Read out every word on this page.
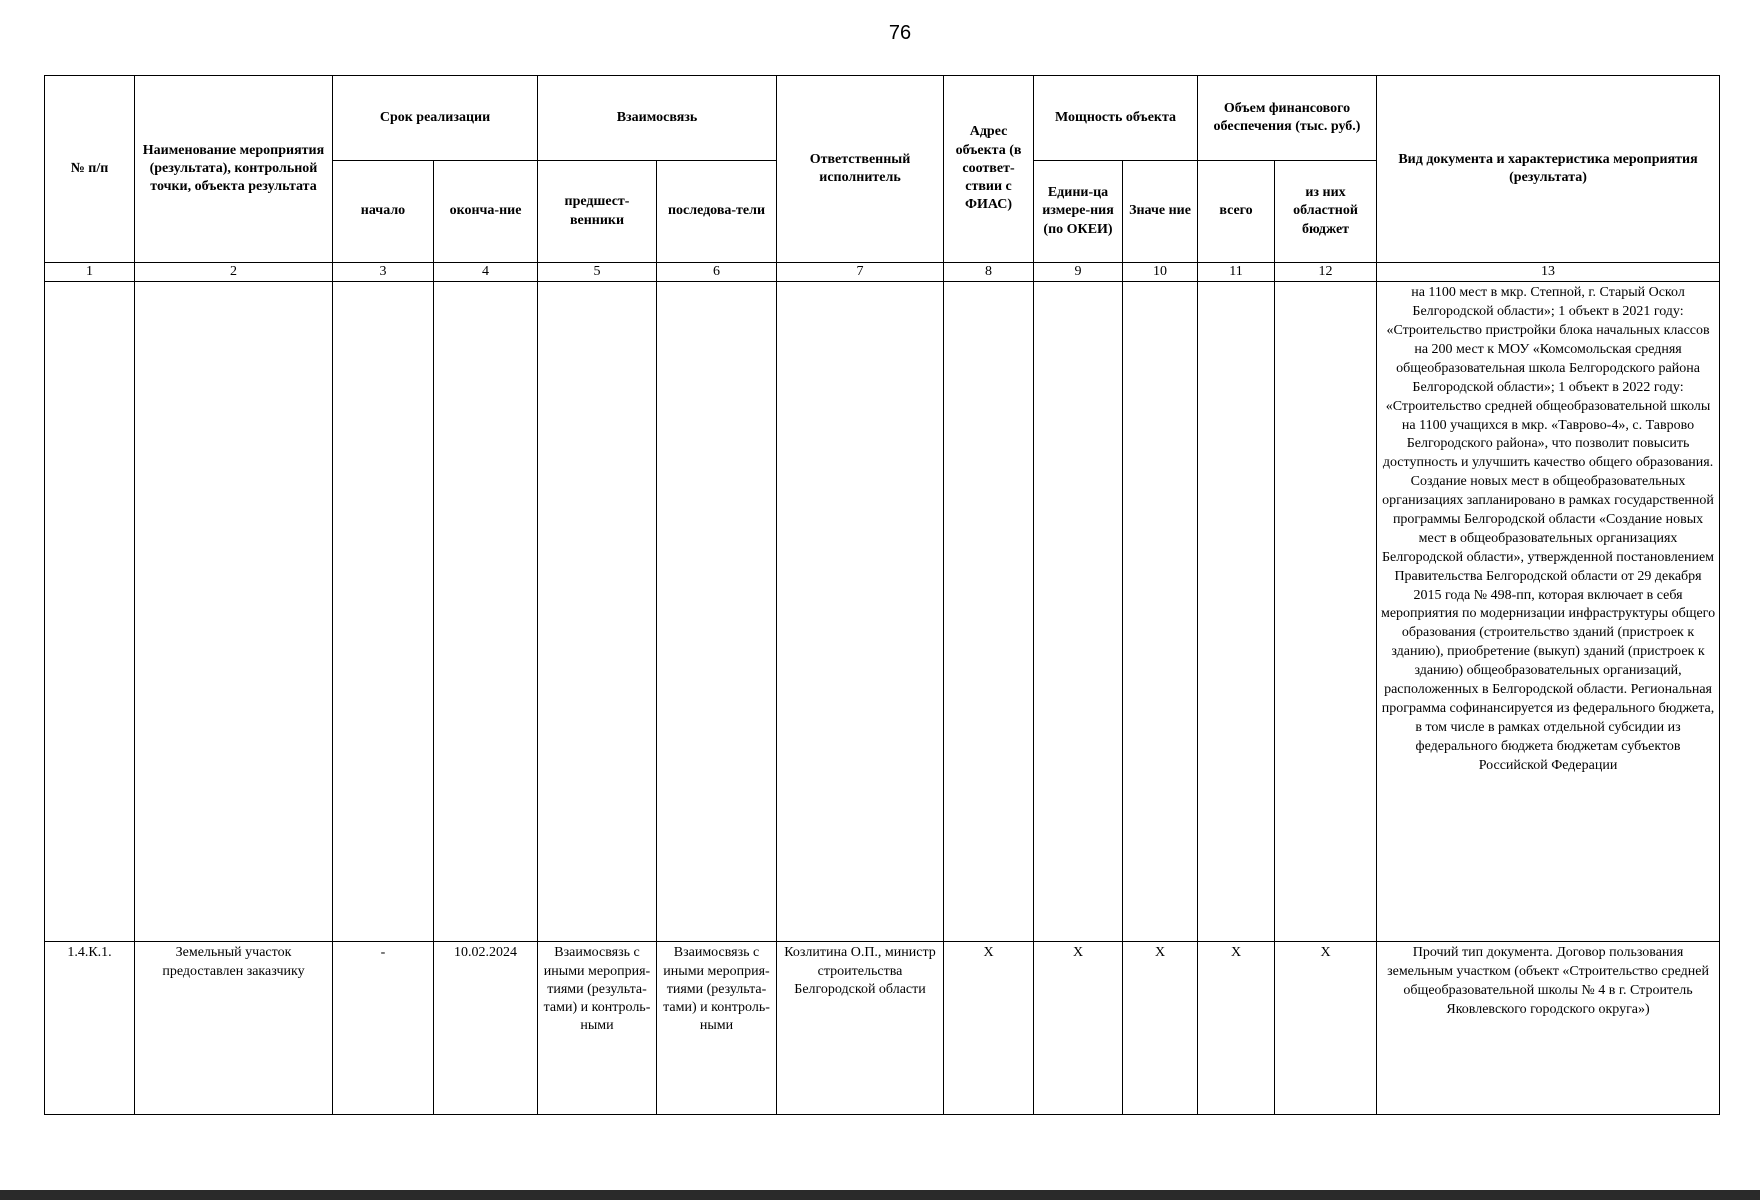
76
№ п/п	Наименование мероприятия (результата), контрольной точки, объекта результата	Срок реализации		Взаимосвязь		Ответственный исполнитель	Адрес объекта (в соответ-ствии с ФИАС)	Мощность объекта		Объем финансового обеспечения (тыс. руб.)		Вид документа и характеристика мероприятия (результата)
		начало	оконча-ние	предшест-венники	последова-тели			Едини-ца измере-ния (по ОКЕИ)	Значе ние	всего	из них областной бюджет	
1	2	3	4	5	6	7	8	9	10	11	12	13
												на 1100 мест в мкр. Степной, г. Старый Оскол Белгородской области»; 1 объект в 2021 году: «Строительство пристройки блока начальных классов на 200 мест к МОУ «Комсомольская средняя общеобразовательная школа Белгородского района Белгородской области»; 1 объект в 2022 году: «Строительство средней общеобразовательной школы на 1100 учащихся в мкр. «Таврово-4», с. Таврово Белгородского района», что позволит повысить доступность и улучшить качество общего образования. Создание новых мест в общеобразовательных организациях запланировано в рамках государственной программы Белгородской области «Создание новых мест в общеобразовательных организациях Белгородской области», утвержденной постановлением Правительства Белгородской области от 29 декабря 2015 года № 498-пп, которая включает в себя мероприятия по модернизации инфраструктуры общего образования (строительство зданий (пристроек к зданию), приобретение (выкуп) зданий (пристроек к зданию) общеобразовательных организаций, расположенных в Белгородской области. Региональная программа софинансируется из федерального бюджета, в том числе в рамках отдельной субсидии из федерального бюджета бюджетам субъектов Российской Федерации
1.4.К.1.	Земельный участок предоставлен заказчику	-	10.02.2024	Взаимосвязь с иными мероприя-тиями (результа-тами) и контроль-ными	Взаимосвязь с иными мероприя-тиями (результа-тами) и контроль-ными	Козлитина О.П., министр строительства Белгородской области	X	X	X	X	X	Прочий тип документа. Договор пользования земельным участком (объект «Строительство средней общеобразовательной школы № 4 в г. Строитель Яковлевского городского округа»)
